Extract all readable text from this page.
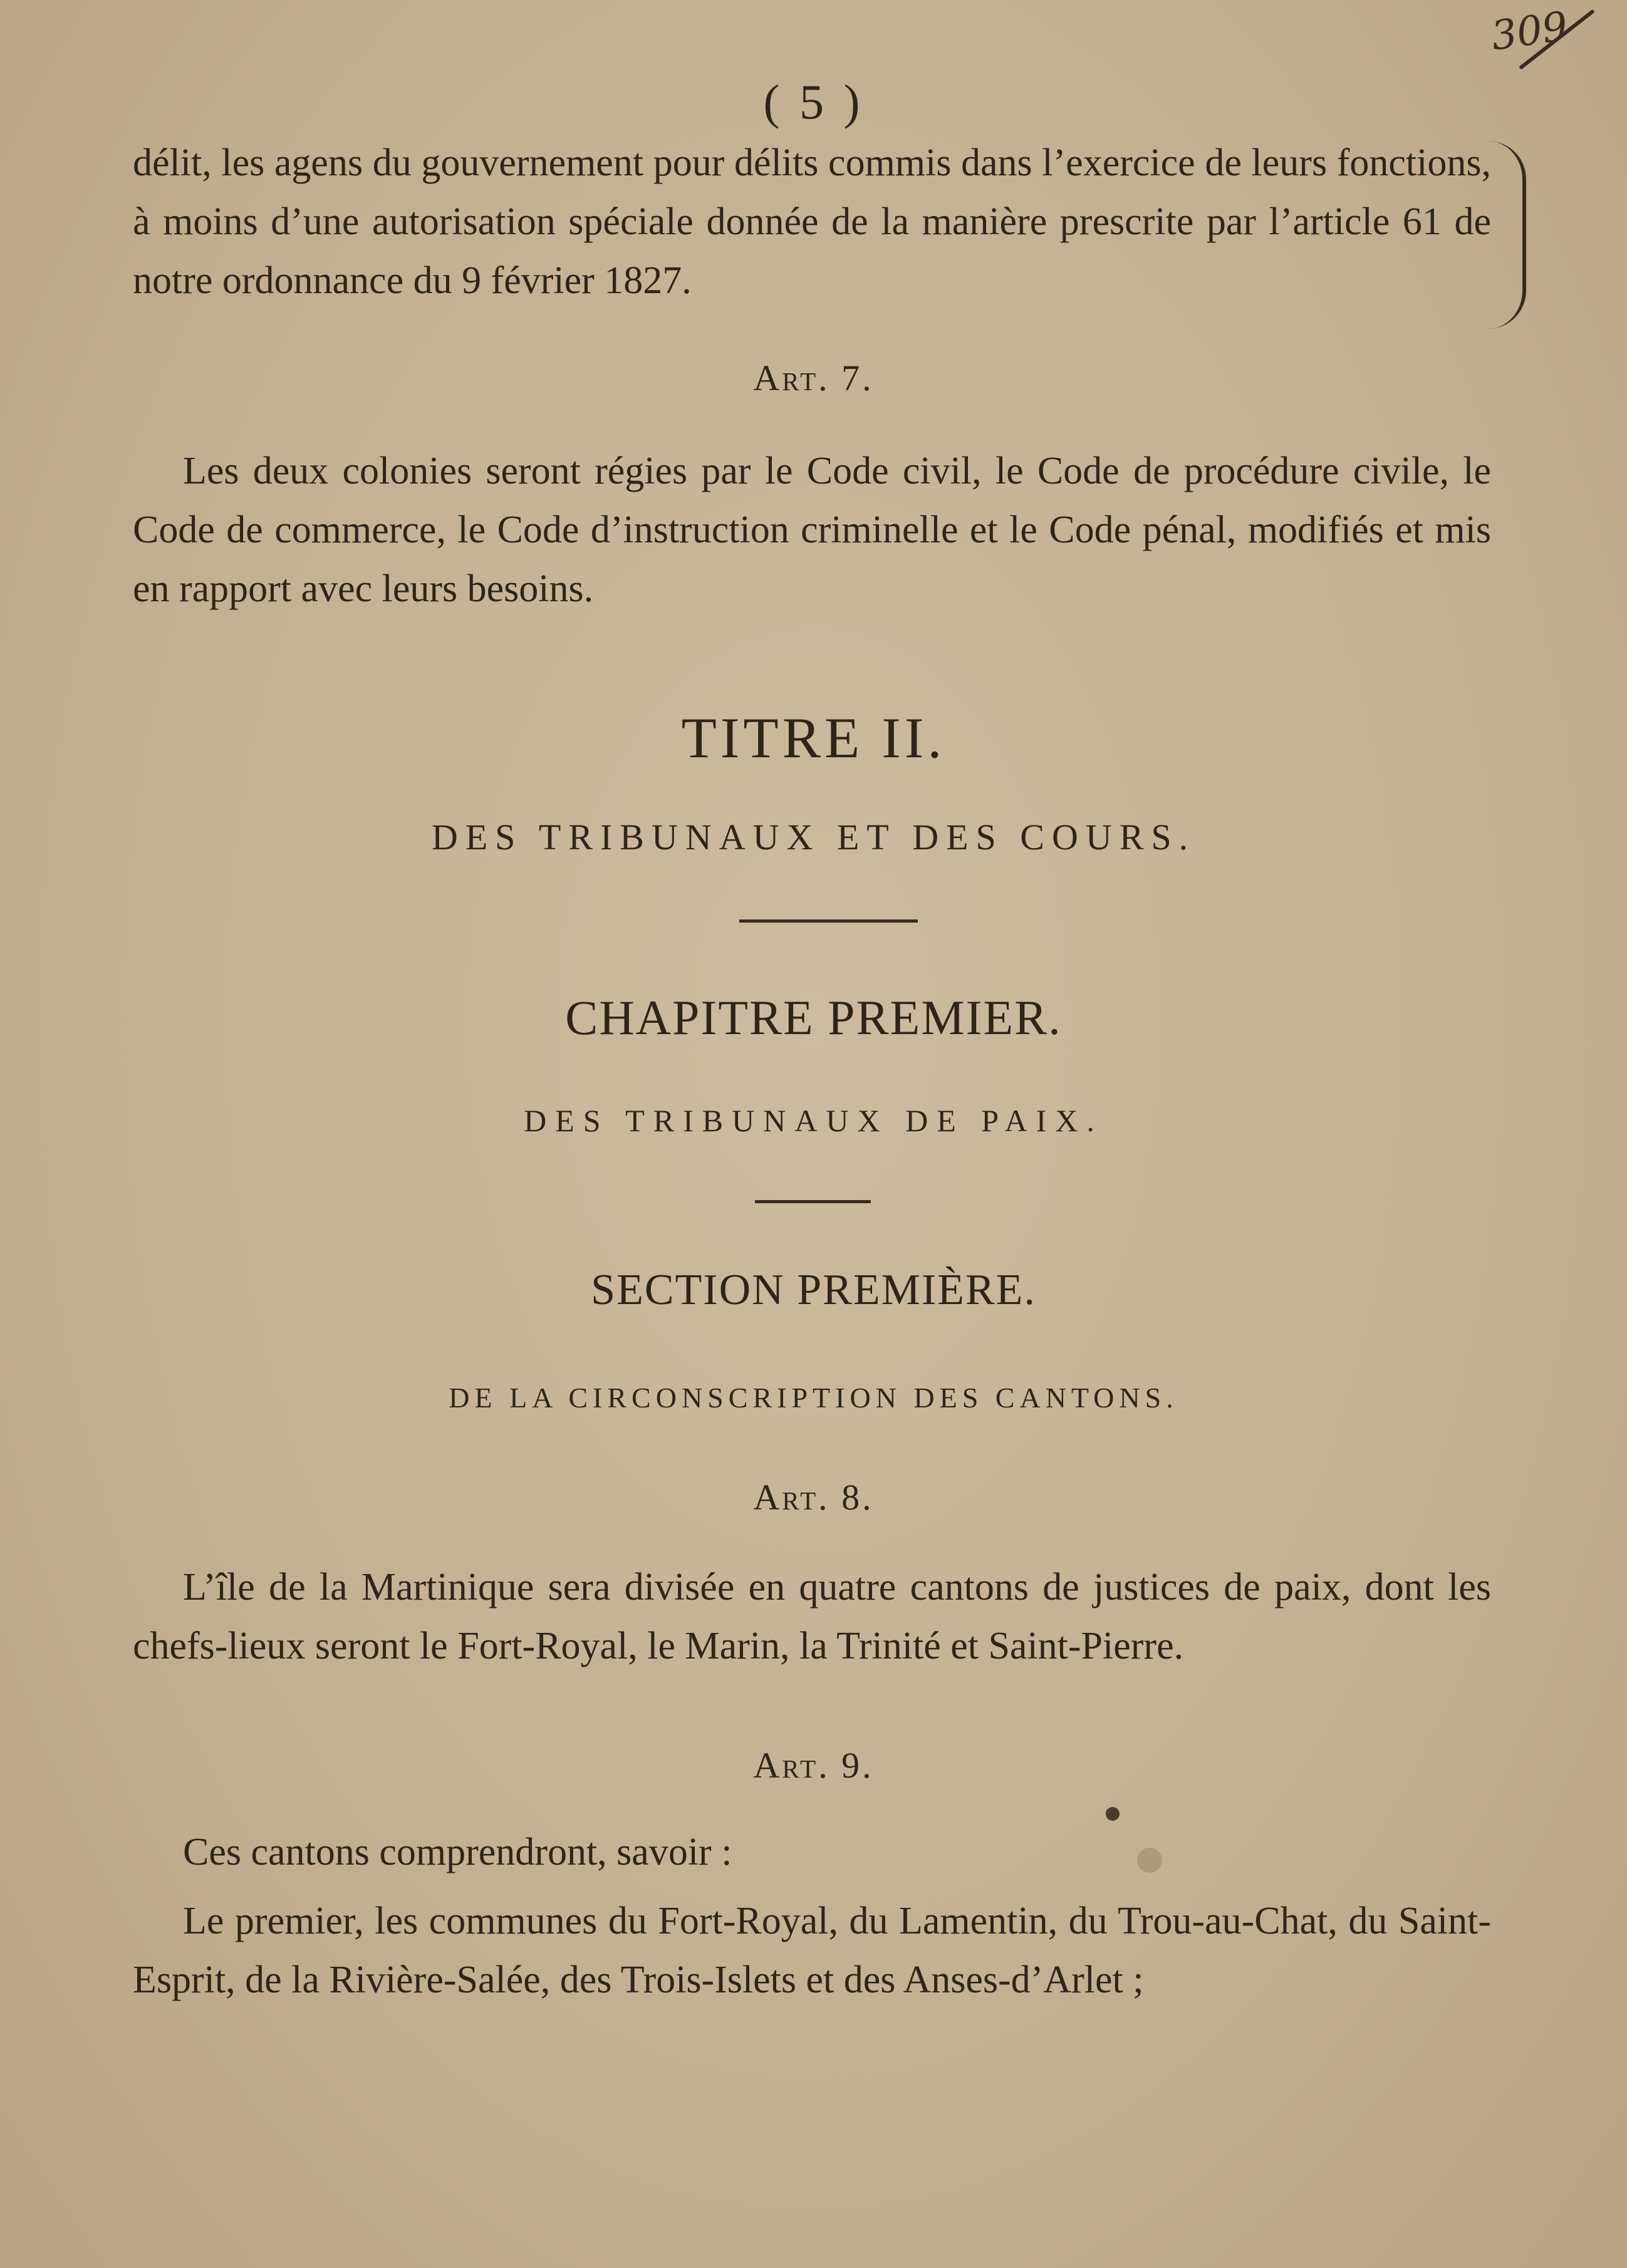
309
( 5 )
délit, les agens du gouvernement pour délits commis dans l’exercice de leurs fonctions, à moins d’une autorisation spéciale donnée de la manière prescrite par l’article 61 de notre ordonnance du 9 février 1827.
Art. 7.
Les deux colonies seront régies par le Code civil, le Code de procédure civile, le Code de commerce, le Code d’instruction criminelle et le Code pénal, modifiés et mis en rapport avec leurs besoins.
TITRE II.
DES TRIBUNAUX ET DES COURS.
CHAPITRE PREMIER.
DES TRIBUNAUX DE PAIX.
SECTION PREMIÈRE.
DE LA CIRCONSCRIPTION DES CANTONS.
Art. 8.
L’île de la Martinique sera divisée en quatre cantons de justices de paix, dont les chefs-lieux seront le Fort-Royal, le Marin, la Trinité et Saint-Pierre.
Art. 9.
Ces cantons comprendront, savoir :
Le premier, les communes du Fort-Royal, du Lamentin, du Trou-au-Chat, du Saint-Esprit, de la Rivière-Salée, des Trois-Islets et des Anses-d’Arlet ;
